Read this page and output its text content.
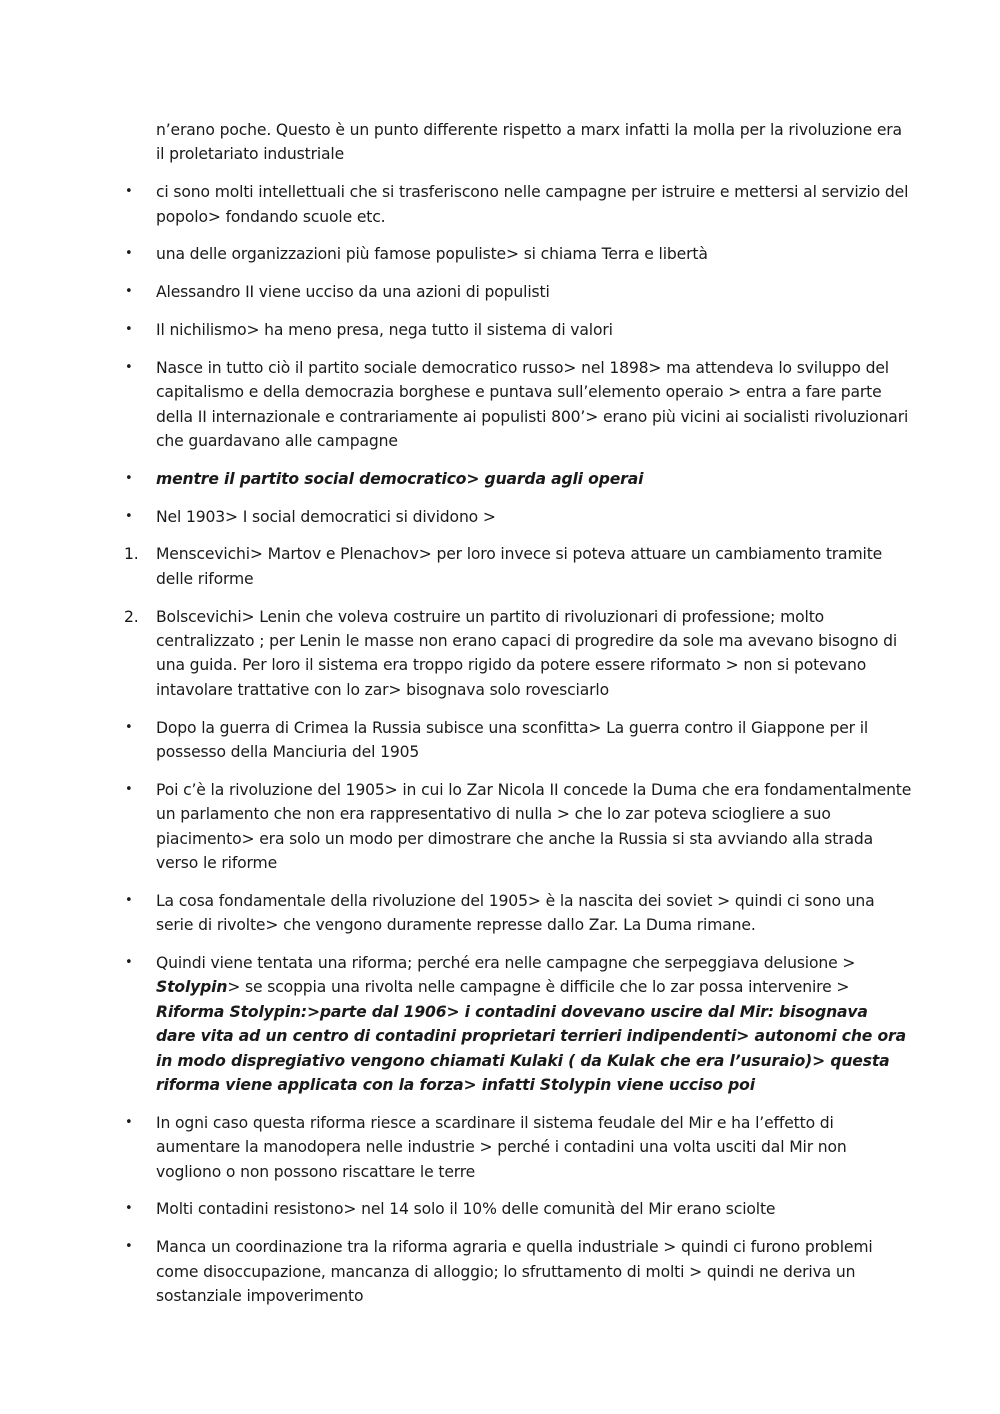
n’erano poche. Questo è un punto differente rispetto a marx infatti la molla per la rivoluzione era il proletariato industriale
•	ci sono molti intellettuali che si trasferiscono nelle campagne per istruire e mettersi al servizio del popolo> fondando scuole etc.
•	una delle organizzazioni più famose populiste> si chiama Terra e libertà
•	Alessandro II viene ucciso da una azioni di populisti
•	Il nichilismo> ha meno presa, nega tutto il sistema di valori
•	Nasce in tutto ciò il partito sociale democratico russo> nel 1898> ma attendeva lo sviluppo del capitalismo e della democrazia borghese e puntava sull’elemento operaio > entra a fare parte della II internazionale e contrariamente ai populisti 800’> erano più vicini ai socialisti rivoluzionari che guardavano alle campagne
•	mentre il partito social democratico> guarda agli operai
•	Nel 1903> I social democratici si dividono >
1.	Menscevichi> Martov e Plenachov> per loro invece si poteva attuare un cambiamento tramite delle riforme
2.	Bolscevichi> Lenin che voleva costruire un partito di rivoluzionari di professione; molto centralizzato ; per Lenin le masse non erano capaci di progredire da sole ma avevano bisogno di una guida. Per loro il sistema era troppo rigido da potere essere riformato > non si potevano intavolare trattative con lo zar> bisognava solo rovesciarlo
•	Dopo la guerra di Crimea la Russia subisce una sconfitta> La guerra contro il Giappone per il possesso della Manciuria del 1905
•	Poi c’è la rivoluzione del 1905> in cui lo Zar Nicola II concede la Duma che era fondamentalmente un parlamento che non era rappresentativo di nulla > che lo zar poteva sciogliere a suo piacimento> era solo un modo per dimostrare che anche la Russia si sta avviando alla strada verso le riforme
•	La cosa fondamentale della rivoluzione del 1905> è la nascita dei soviet > quindi ci sono una serie di rivolte> che vengono duramente represse dallo Zar. La Duma rimane.
•	Quindi viene tentata una riforma; perché era nelle campagne che serpeggiava delusione > Stolypin> se scoppia una rivolta nelle campagne è difficile che lo zar possa intervenire > Riforma Stolypin:>parte dal 1906> i contadini dovevano uscire dal Mir: bisognava dare vita ad un centro di contadini proprietari terrieri indipendenti> autonomi che ora in modo dispregiativo vengono chiamati Kulaki ( da Kulak che era l’usuraio)> questa riforma viene applicata con la forza> infatti Stolypin viene ucciso poi
•	In ogni caso questa riforma riesce a scardinare il sistema feudale del Mir e ha l’effetto di aumentare la manodopera nelle industrie > perché i contadini una volta usciti dal Mir non vogliono o non possono riscattare le terre
•	Molti contadini resistono> nel 14 solo il 10% delle comunità del Mir erano sciolte
•	Manca un coordinazione tra la riforma agraria e quella industriale > quindi ci furono problemi come disoccupazione, mancanza di alloggio; lo sfruttamento di molti > quindi ne deriva un sostanziale impoverimento
